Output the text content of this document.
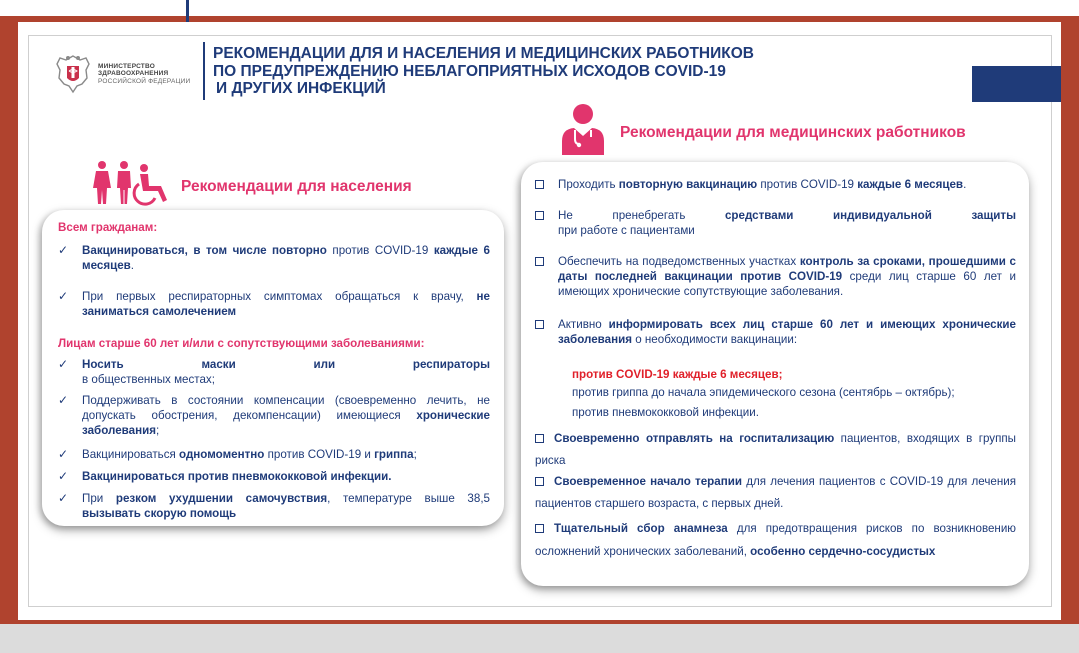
МИНИСТЕРСТВО
ЗДРАВООХРАНЕНИЯ
РОССИЙСКОЙ ФЕДЕРАЦИИ
РЕКОМЕНДАЦИИ ДЛЯ И НАСЕЛЕНИЯ И МЕДИЦИНСКИХ РАБОТНИКОВ
ПО ПРЕДУПРЕЖДЕНИЮ НЕБЛАГОПРИЯТНЫХ ИСХОДОВ COVID-19
И ДРУГИХ ИНФЕКЦИЙ
Рекомендации для населения
Рекомендации для медицинских работников
Всем гражданам:
✓ Вакцинироваться, в том числе повторно против COVID-19 каждые 6 месяцев.
✓ При первых респираторных симптомах обращаться к врачу, не заниматься самолечением
Лицам старше 60 лет и/или с сопутствующими заболеваниями:
✓ Носить маски или респираторы
в общественных местах;
✓ Поддерживать в состоянии компенсации (своевременно лечить, не допускать обострения, декомпенсации) имеющиеся хронические заболевания;
✓ Вакцинироваться одномоментно против COVID-19 и гриппа;
✓ Вакцинироваться против пневмококковой инфекции.
✓ При резком ухудшении самочувствия, температуре выше 38,5 вызывать скорую помощь
Проходить повторную вакцинацию против COVID-19 каждые 6 месяцев.
Не пренебрегать средствами индивидуальной защиты
при работе с пациентами
Обеспечить на подведомственных участках контроль за сроками, прошедшими с даты последней вакцинации против COVID-19 среди лиц старше 60 лет и имеющих хронические сопутствующие заболевания.
Активно информировать всех лиц старше 60 лет и имеющих хронические заболевания о необходимости вакцинации:
против COVID-19 каждые 6 месяцев;
против гриппа до начала эпидемического сезона (сентябрь – октябрь);
против пневмококковой инфекции.
Своевременно отправлять на госпитализацию пациентов, входящих в группы риска
Своевременное начало терапии для лечения пациентов с COVID-19 для лечения пациентов старшего возраста, с первых дней.
Тщательный сбор анамнеза для предотвращения рисков по возникновению осложнений хронических заболеваний, особенно сердечно-сосудистых
